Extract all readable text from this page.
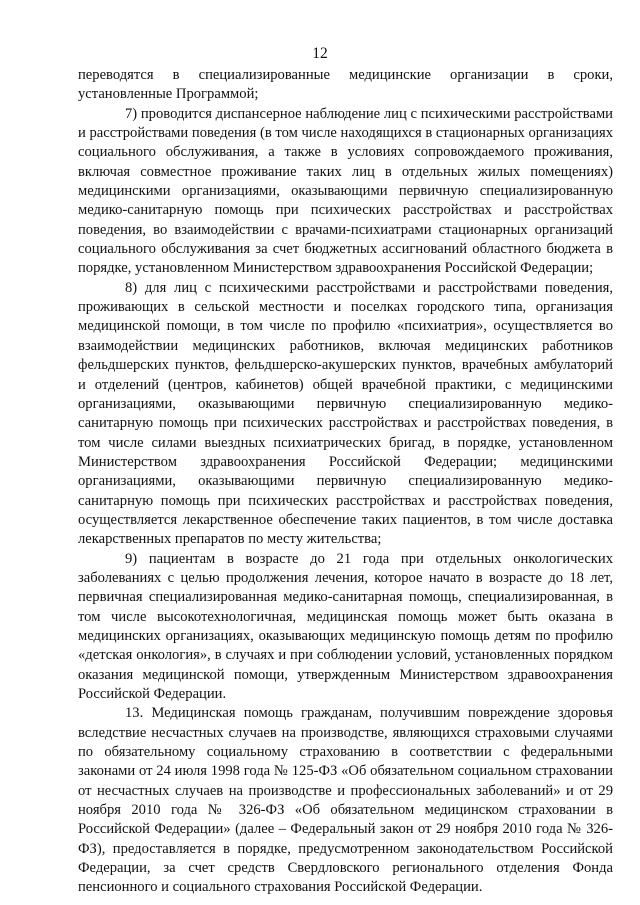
12

переводятся в специализированные медицинские организации в сроки, установленные Программой;

7) проводится диспансерное наблюдение лиц с психическими расстройствами и расстройствами поведения (в том числе находящихся в стационарных организациях социального обслуживания, а также в условиях сопровождаемого проживания, включая совместное проживание таких лиц в отдельных жилых помещениях) медицинскими организациями, оказывающими первичную специализированную медико-санитарную помощь при психических расстройствах и расстройствах поведения, во взаимодействии с врачами-психиатрами стационарных организаций социального обслуживания за счет бюджетных ассигнований областного бюджета в порядке, установленном Министерством здравоохранения Российской Федерации;

8) для лиц с психическими расстройствами и расстройствами поведения, проживающих в сельской местности и поселках городского типа, организация медицинской помощи, в том числе по профилю «психиатрия», осуществляется во взаимодействии медицинских работников, включая медицинских работников фельдшерских пунктов, фельдшерско-акушерских пунктов, врачебных амбулаторий и отделений (центров, кабинетов) общей врачебной практики, с медицинскими организациями, оказывающими первичную специализированную медико-санитарную помощь при психических расстройствах и расстройствах поведения, в том числе силами выездных психиатрических бригад, в порядке, установленном Министерством здравоохранения Российской Федерации; медицинскими организациями, оказывающими первичную специализированную медико-санитарную помощь при психических расстройствах и расстройствах поведения, осуществляется лекарственное обеспечение таких пациентов, в том числе доставка лекарственных препаратов по месту жительства;

9) пациентам в возрасте до 21 года при отдельных онкологических заболеваниях с целью продолжения лечения, которое начато в возрасте до 18 лет, первичная специализированная медико-санитарная помощь, специализированная, в том числе высокотехнологичная, медицинская помощь может быть оказана в медицинских организациях, оказывающих медицинскую помощь детям по профилю «детская онкология», в случаях и при соблюдении условий, установленных порядком оказания медицинской помощи, утвержденным Министерством здравоохранения Российской Федерации.

13. Медицинская помощь гражданам, получившим повреждение здоровья вследствие несчастных случаев на производстве, являющихся страховыми случаями по обязательному социальному страхованию в соответствии с федеральными законами от 24 июля 1998 года № 125-ФЗ «Об обязательном социальном страховании от несчастных случаев на производстве и профессиональных заболеваний» и от 29 ноября 2010 года № 326-ФЗ «Об обязательном медицинском страховании в Российской Федерации» (далее – Федеральный закон от 29 ноября 2010 года № 326-ФЗ), предоставляется в порядке, предусмотренном законодательством Российской Федерации, за счет средств Свердловского регионального отделения Фонда пенсионного и социального страхования Российской Федерации.
